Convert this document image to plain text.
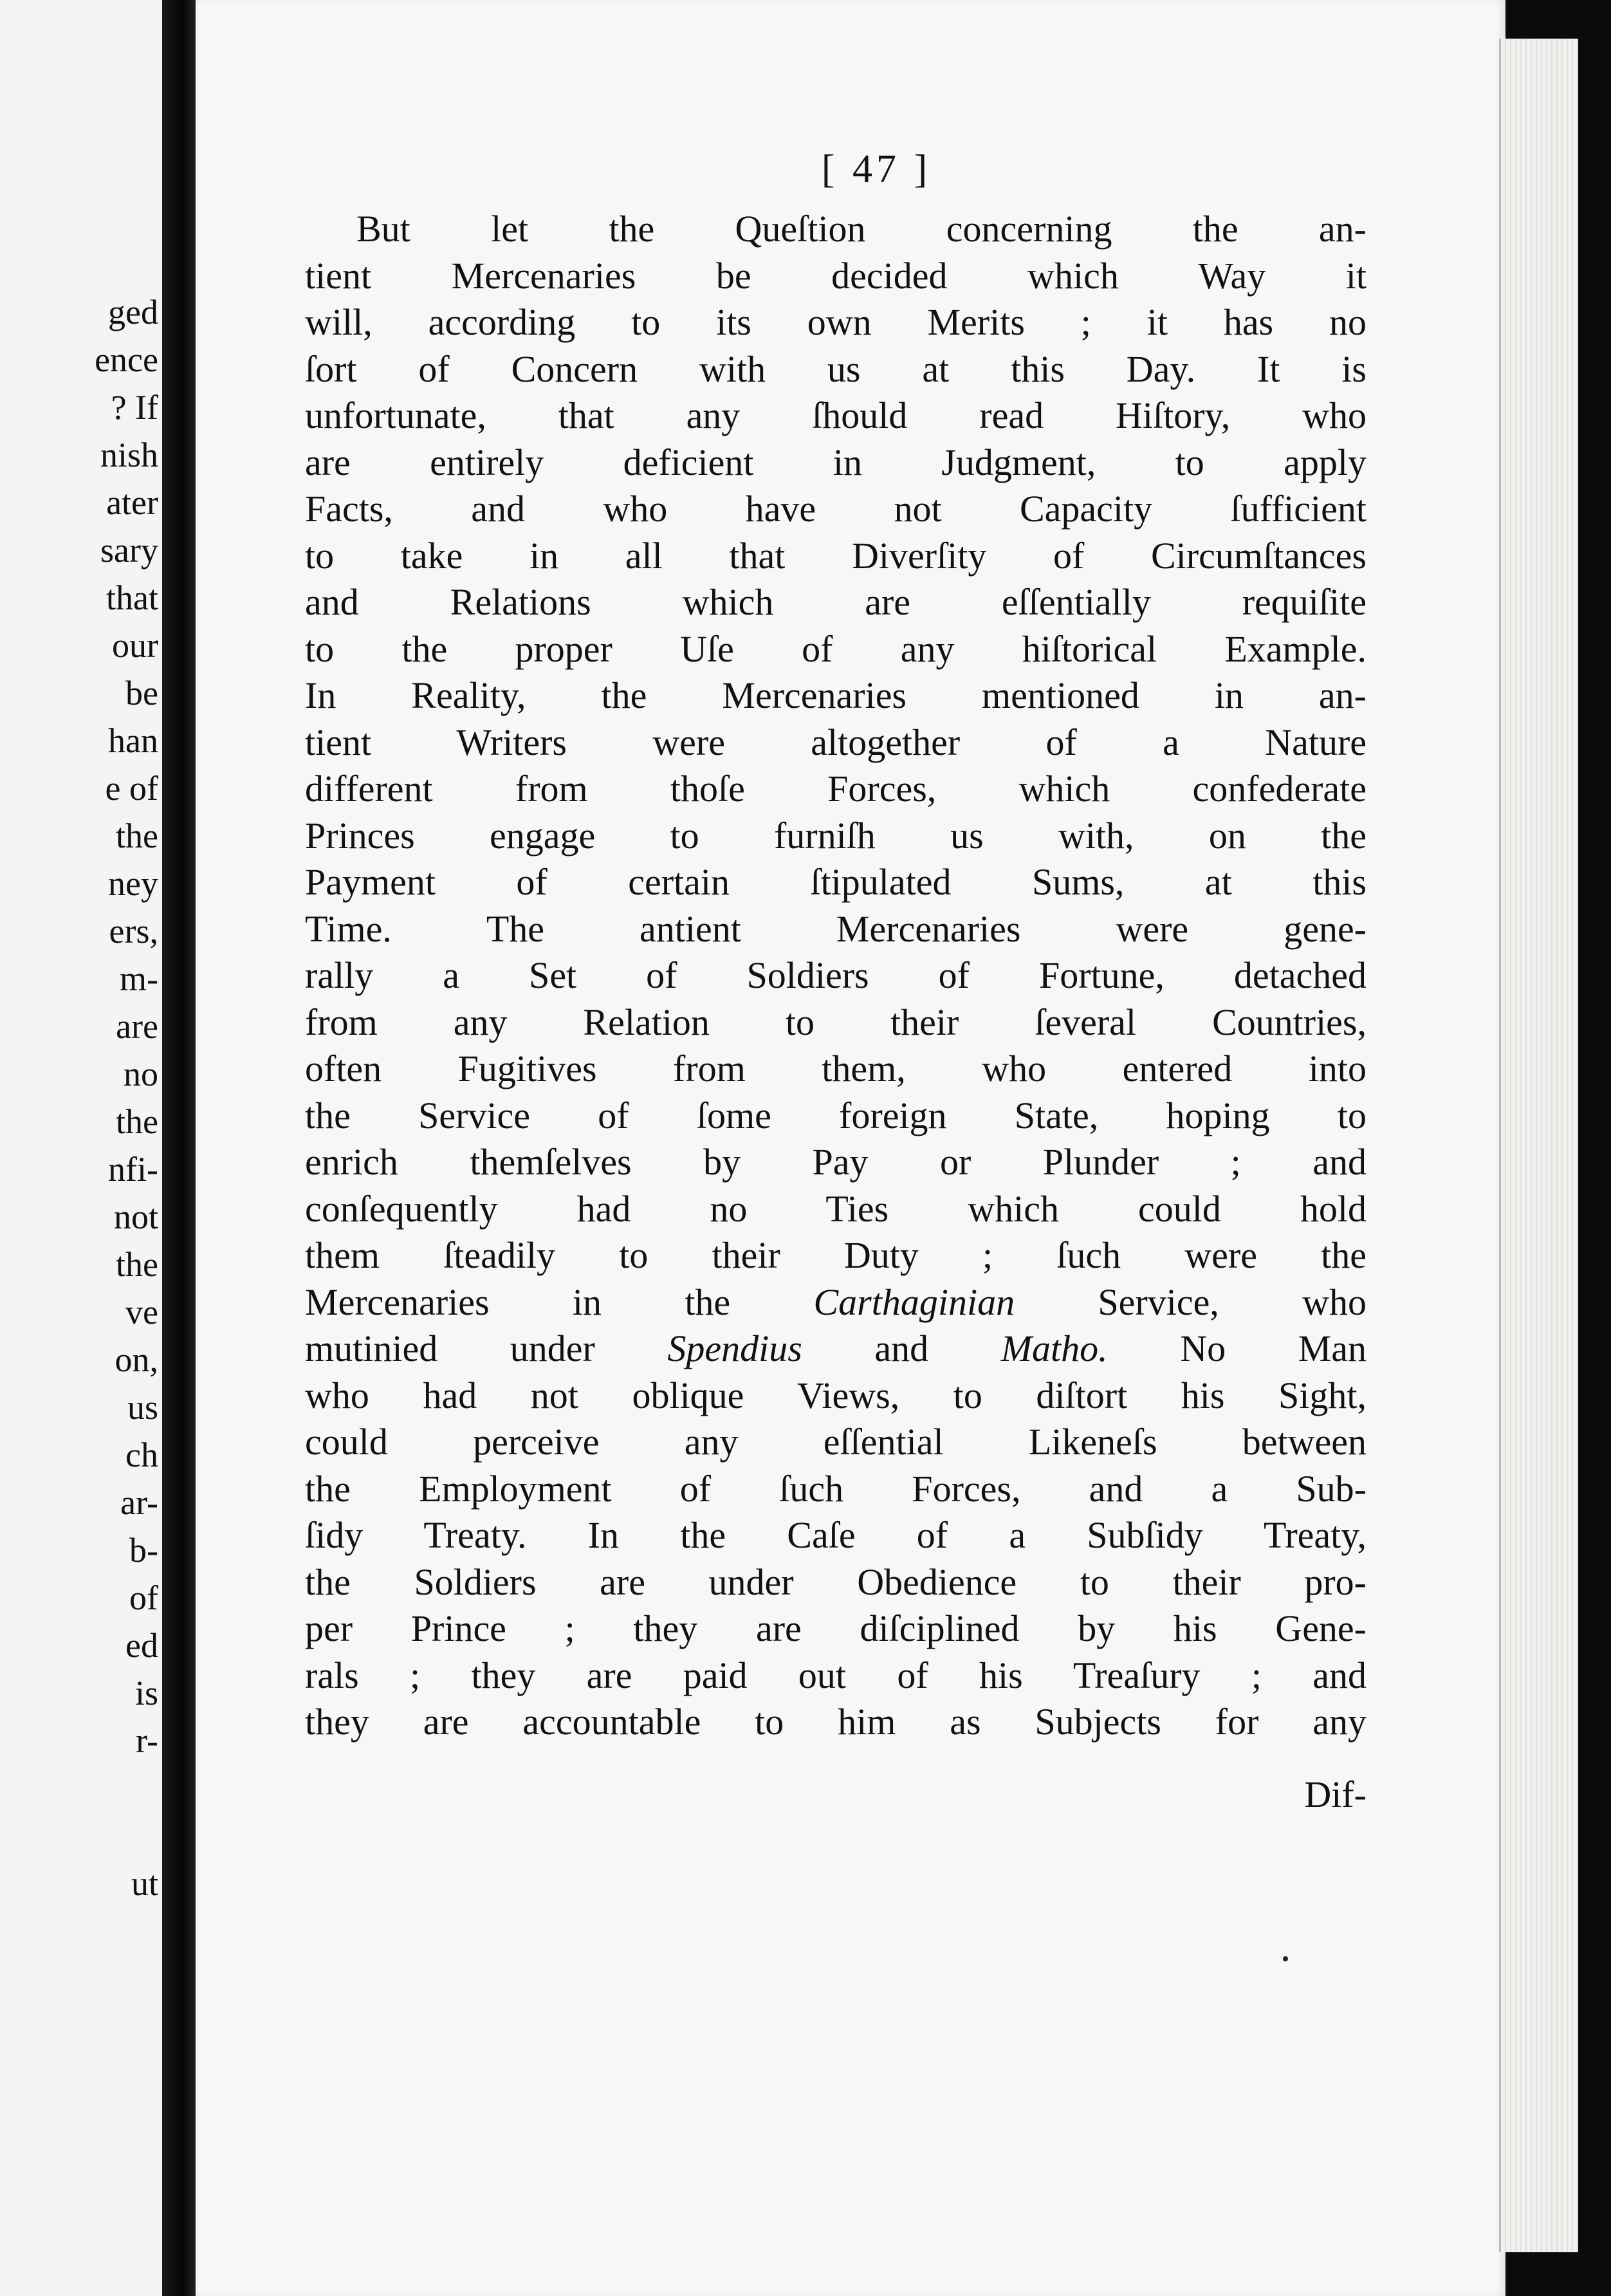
ged
ence
? If
nish
ater
sary
that
our
be
han
e of
the
ney
ers,
m-
are
no
the
nfi-
not
the
ve
on,
us
ch
ar-
b-
of
ed
is
r-
ut
[ 47 ]
But let the Queſtion concerning the an-
tient Mercenaries be decided which Way it
will, according to its own Merits ; it has no
ſort of Concern with us at this Day. It is
unfortunate, that any ſhould read Hiſtory, who
are entirely deficient in Judgment, to apply
Facts, and who have not Capacity ſufficient
to take in all that Diverſity of Circumſtances
and Relations which are eſſentially requiſite
to the proper Uſe of any hiſtorical Example.
In Reality, the Mercenaries mentioned in an-
tient Writers were altogether of a Nature
different from thoſe Forces, which confederate
Princes engage to furniſh us with, on the
Payment of certain ſtipulated Sums, at this
Time. The antient Mercenaries were gene-
rally a Set of Soldiers of Fortune, detached
from any Relation to their ſeveral Countries,
often Fugitives from them, who entered into
the Service of ſome foreign State, hoping to
enrich themſelves by Pay or Plunder ; and
conſequently had no Ties which could hold
them ſteadily to their Duty ; ſuch were the
Mercenaries in the Carthaginian Service, who
mutinied under Spendius and Matho. No Man
who had not oblique Views, to diſtort his Sight,
could perceive any eſſential Likeneſs between
the Employment of ſuch Forces, and a Sub-
ſidy Treaty. In the Caſe of a Subſidy Treaty,
the Soldiers are under Obedience to their pro-
per Prince ; they are diſciplined by his Gene-
rals ; they are paid out of his Treaſury ; and
they are accountable to him as Subjects for any
Dif-
